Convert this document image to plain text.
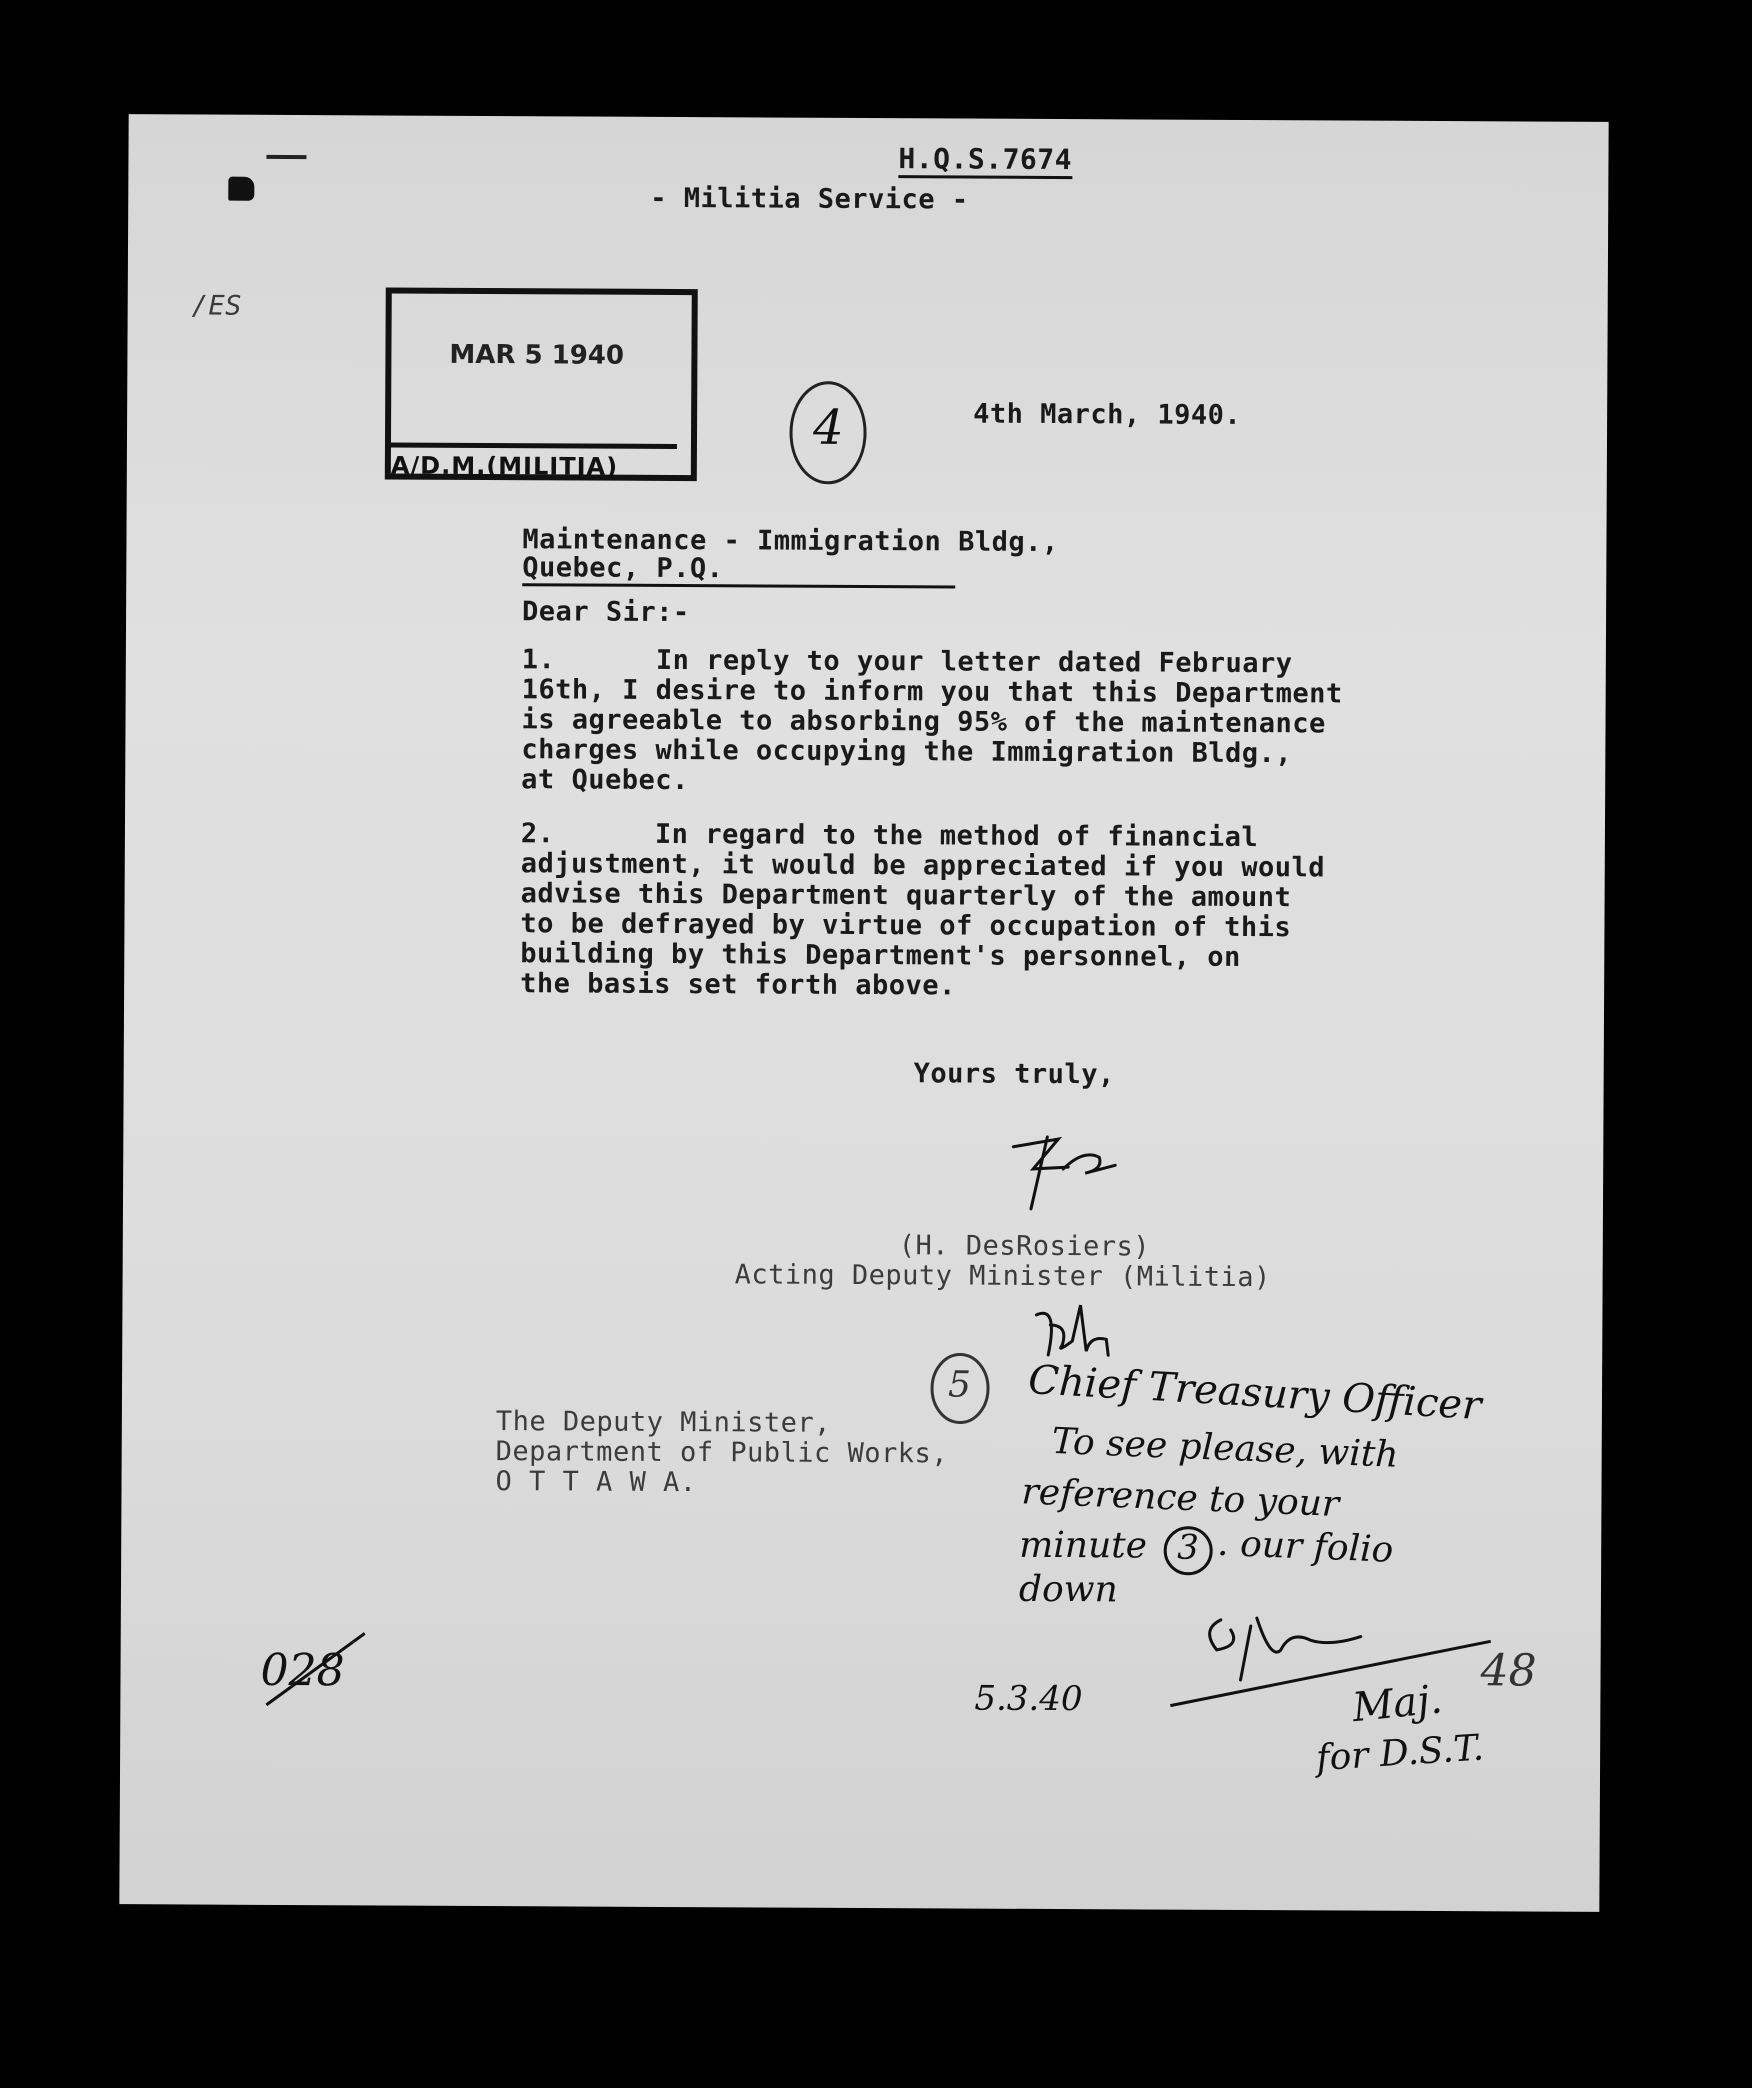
H.Q.S.7674
- Militia Service -
MAR 5 1940
A/D.M.(MILITIA)
/ES
4	4th March, 1940.
Maintenance - Immigration Bldg.,
Quebec, P.Q.
Dear Sir:-
1.      In reply to your letter dated February
16th, I desire to inform you that this Department
is agreeable to absorbing 95% of the maintenance
charges while occupying the Immigration Bldg.,
at Quebec.
2.      In regard to the method of financial
adjustment, it would be appreciated if you would
advise this Department quarterly of the amount
to be defrayed by virtue of occupation of this
building by this Department's personnel, on
the basis set forth above.
Yours truly,
(H. DesRosiers)
Acting Deputy Minister (Militia)
The Deputy Minister,
Department of Public Works,
O T T A W A.
5 Chief Treasury Officer
To see please, with
reference to your
minute 3 . our folio
down
5.3.40
028
Maj.
for D.S.T.
48
